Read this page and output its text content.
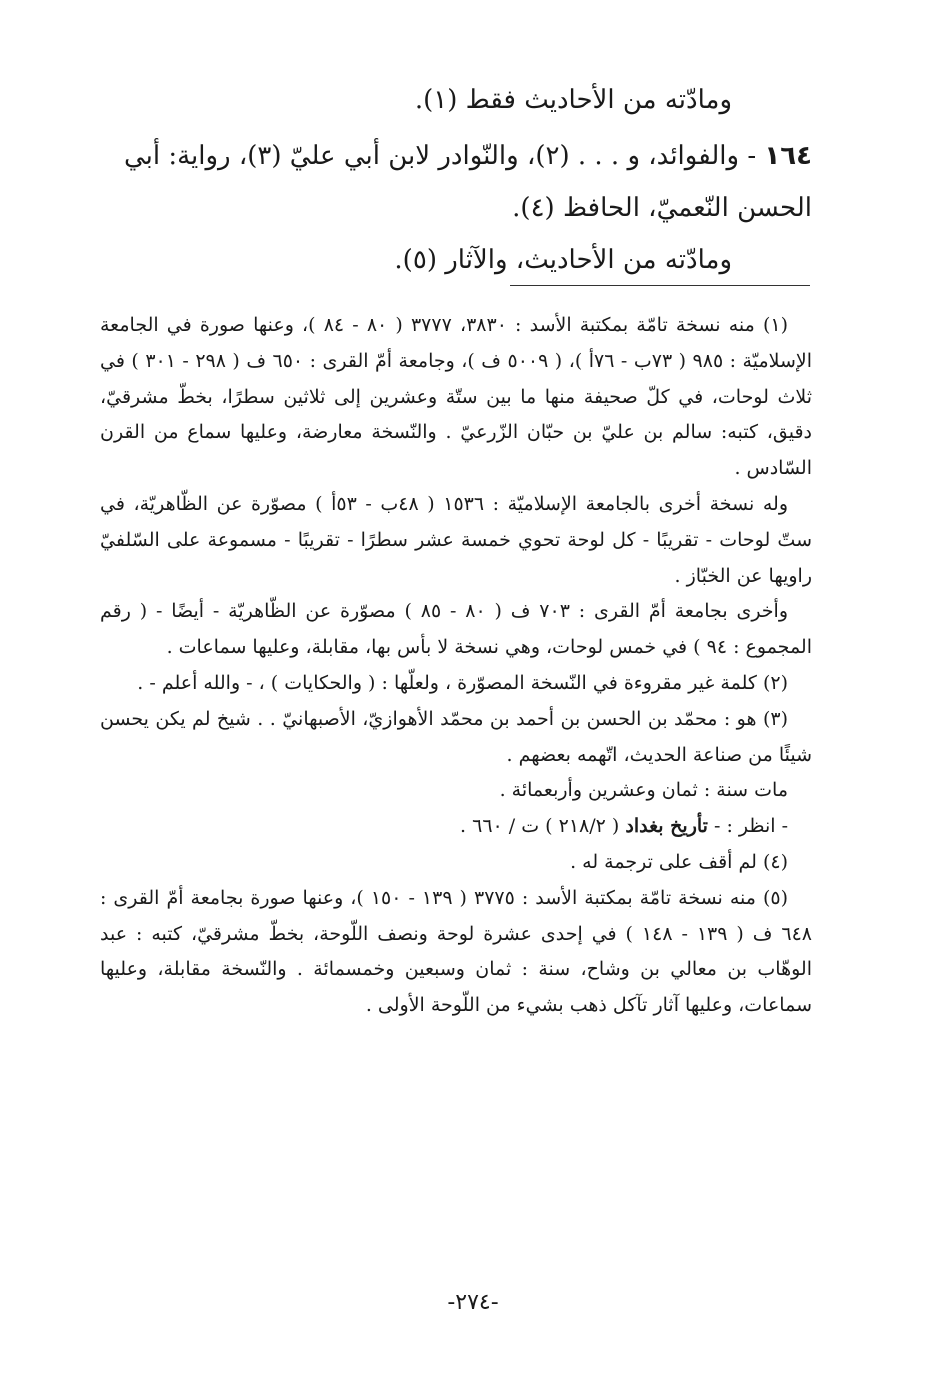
ومادّته من الأحاديث فقط (١).

١٦٤ - والفوائد، و . . . (٢)، والنّوادر لابن أبي عليّ (٣)، رواية: أبي

الحسن النّعميّ، الحافظ (٤).

ومادّته من الأحاديث، والآثار (٥).

(١) منه نسخة تامّة بمكتبة الأسد : ٣٨٣٠، ٣٧٧٧ ( ٨٠ - ٨٤ )، وعنها صورة في الجامعة الإسلاميّة : ٩٨٥ ( ٧٣ب - ٧٦أ )، ( ٥٠٠٩ ف )، وجامعة أمّ القرى : ٦٥٠ ف ( ٢٩٨ - ٣٠١ ) في ثلاث لوحات، في كلّ صحيفة منها ما بين ستّة وعشرين إلى ثلاثين سطرًا، بخطّ مشرقيّ، دقيق، كتبه: سالم بن عليّ بن حبّان الزّرعيّ . والنّسخة معارضة، وعليها سماع من القرن السّادس .

وله نسخة أخرى بالجامعة الإسلاميّة : ١٥٣٦ ( ٤٨ب - ٥٣أ ) مصوّرة عن الظّاهريّة، في ستّ لوحات - تقريبًا - كل لوحة تحوي خمسة عشر سطرًا - تقريبًا - مسموعة على السّلفيّ راويها عن الخبّاز .

وأخرى بجامعة أمّ القرى : ٧٠٣ ف ( ٨٠ - ٨٥ ) مصوّرة عن الظّاهريّة - أيضًا - ( رقم المجموع : ٩٤ ) في خمس لوحات، وهي نسخة لا بأس بها، مقابلة، وعليها سماعات .

(٢) كلمة غير مقروءة في النّسخة المصوّرة ، ولعلّها : ( والحكايات ) ، - والله أعلم - .

(٣) هو : محمّد بن الحسن بن أحمد بن محمّد الأهوازيّ، الأصبهانيّ . . شيخ لم يكن يحسن شيئًا من صناعة الحديث، اتّهمه بعضهم .

مات سنة : ثمان وعشرين وأربعمائة .

- انظر : - تأريخ بغداد ( ٢١٨/٢ ) ت / ٦٦٠ .

(٤) لم أقف على ترجمة له .

(٥) منه نسخة تامّة بمكتبة الأسد : ٣٧٧٥ ( ١٣٩ - ١٥٠ )، وعنها صورة بجامعة أمّ القرى : ٦٤٨ ف ( ١٣٩ - ١٤٨ ) في إحدى عشرة لوحة ونصف اللّوحة، بخطّ مشرقيّ، كتبه : عبد الوهّاب بن معالي بن وشاح، سنة : ثمان وسبعين وخمسمائة . والنّسخة مقابلة، وعليها سماعات، وعليها آثار تآكل ذهب بشيء من اللّوحة الأولى .

-٢٧٤-
